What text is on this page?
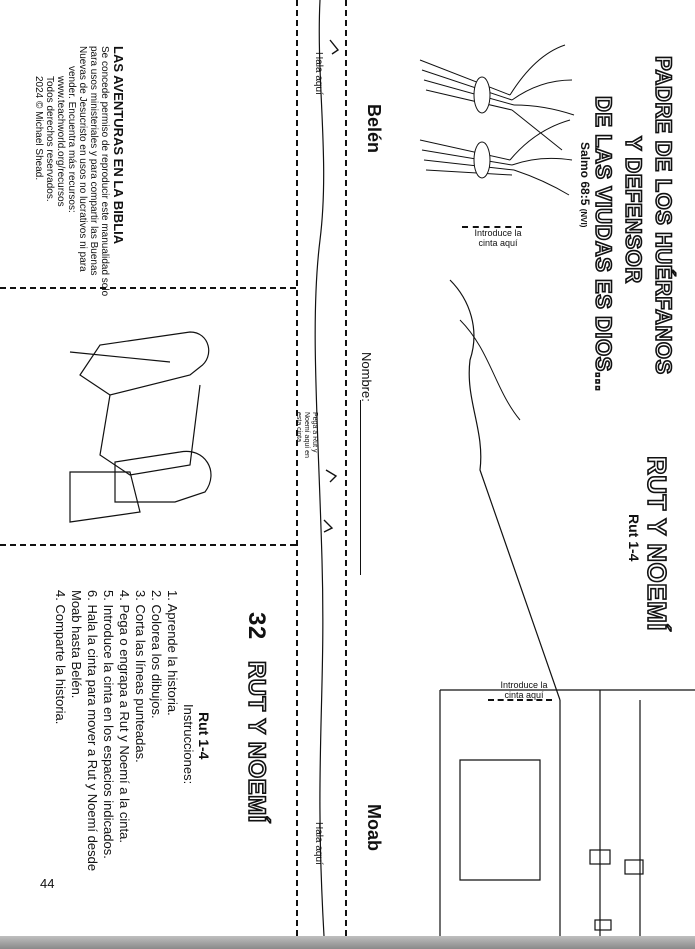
PADRE DE LOS HUÉRFANOS
Y DEFENSOR
DE LAS VIUDAS ES DIOS...
Salmo 68:5 (NVI)
RUT Y NOEMÍ
Rut 1-4
Introduce la cinta aquí
Introduce la cinta aquí
Hala aquí
Hala aquí
Belén
Moab
Nombre:
Pega a Rut y Noemí aquí en esta cinta.
32 RUT Y NOEMÍ
Rut 1-4
Instrucciones:
1. Aprende la historia.
2. Colorea los dibujos.
3. Corta las líneas punteadas.
4. Pega o engrapa a Rut y Noemí a la cinta.
5. Introduce la cinta en los espacios indicados.
6. Hala la cinta para mover a Rut y Noemí desde
Moab hasta Belén.
4. Comparte la historia.
LAS AVENTURAS EN LA BIBLIA
Se concede permiso de reproducir este manualidad solo
para usos ministeriales y para compartir las Buenas
Nuevas de Jesucristo en usos no lucrativos ni para
vender. Encuentra más recursos:
www.teachworld.org/recursos
Todos derechos reservados.
2024 © Michael Shead.
44
